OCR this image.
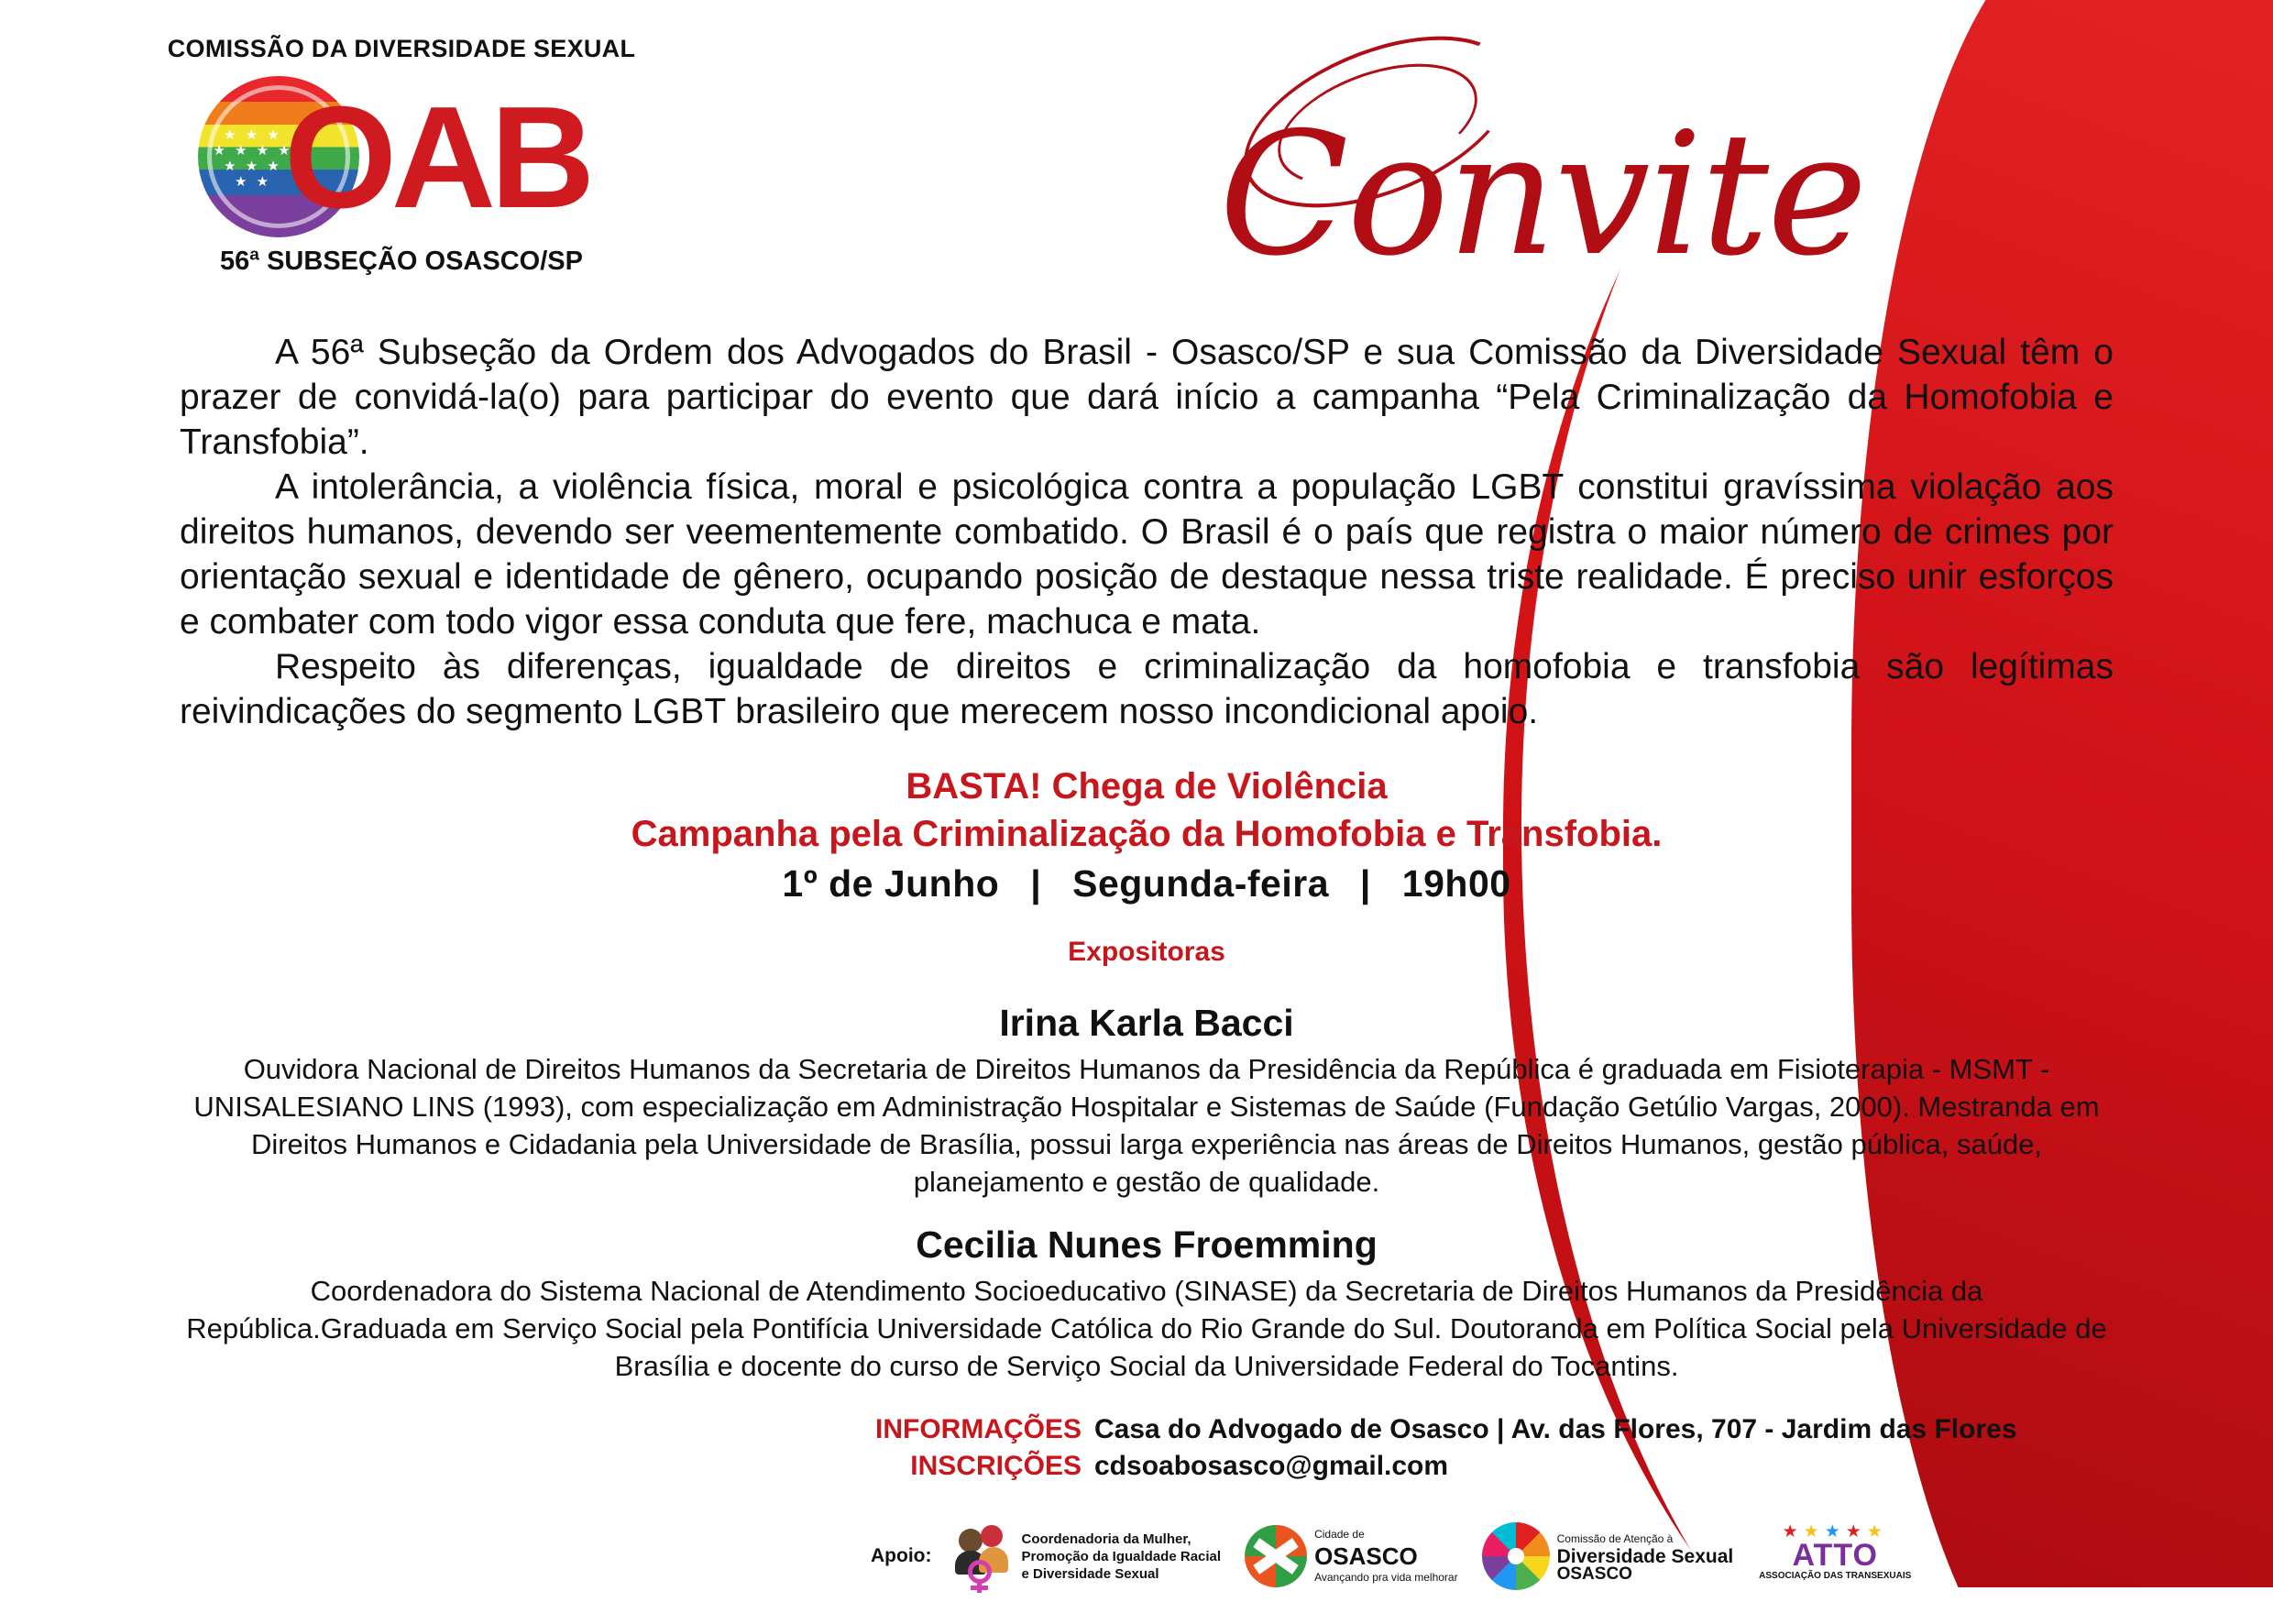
COMISSÃO DA DIVERSIDADE SEXUAL
★ ★ ★
★ ★ ★ ★
★ ★ ★
★ ★ OAB
56ª SUBSEÇÃO OSASCO/SP	Convite

A 56ª Subseção da Ordem dos Advogados do Brasil - Osasco/SP e sua Comissão da Diversidade Sexual têm o prazer de convidá-la(o) para participar do evento que dará início a campanha “Pela Criminalização da Homofobia e Transfobia”.

A intolerância, a violência física, moral e psicológica contra a população LGBT constitui gravíssima violação aos direitos humanos, devendo ser veementemente combatido. O Brasil é o país que registra o maior número de crimes por orientação sexual e identidade de gênero, ocupando posição de destaque nessa triste realidade. É preciso unir esforços e combater com todo vigor essa conduta que fere, machuca e mata.

Respeito às diferenças, igualdade de direitos e criminalização da homofobia e transfobia são legítimas reivindicações do segmento LGBT brasileiro que merecem nosso incondicional apoio.

BASTA! Chega de Violência
Campanha pela Criminalização da Homofobia e Transfobia.
1º de Junho | Segunda-feira | 19h00
Expositoras
Irina Karla Bacci
Ouvidora Nacional de Direitos Humanos da Secretaria de Direitos Humanos da Presidência da República é graduada em Fisioterapia - MSMT - UNISALESIANO LINS (1993), com especialização em Administração Hospitalar e Sistemas de Saúde (Fundação Getúlio Vargas, 2000). Mestranda em Direitos Humanos e Cidadania pela Universidade de Brasília, possui larga experiência nas áreas de Direitos Humanos, gestão pública, saúde, planejamento e gestão de qualidade.
Cecilia Nunes Froemming
Coordenadora do Sistema Nacional de Atendimento Socioeducativo (SINASE) da Secretaria de Direitos Humanos da Presidência da República.Graduada em Serviço Social pela Pontifícia Universidade Católica do Rio Grande do Sul. Doutoranda em Política Social pela Universidade de Brasília e docente do curso de Serviço Social da Universidade Federal do Tocantins.
INFORMAÇÕES Casa do Advogado de Osasco | Av. das Flores, 707 - Jardim das Flores
INSCRIÇÕES cdsoabosasco@gmail.com
Apoio:
Coordenadoria da Mulher,
Promoção da Igualdade Racial
e Diversidade Sexual
Cidade de
OSASCO
Avançando pra vida melhorar
Comissão de Atenção à
Diversidade Sexual
OSASCO
★★★★★
ATTO
ASSOCIAÇÃO DAS TRANSEXUAIS
